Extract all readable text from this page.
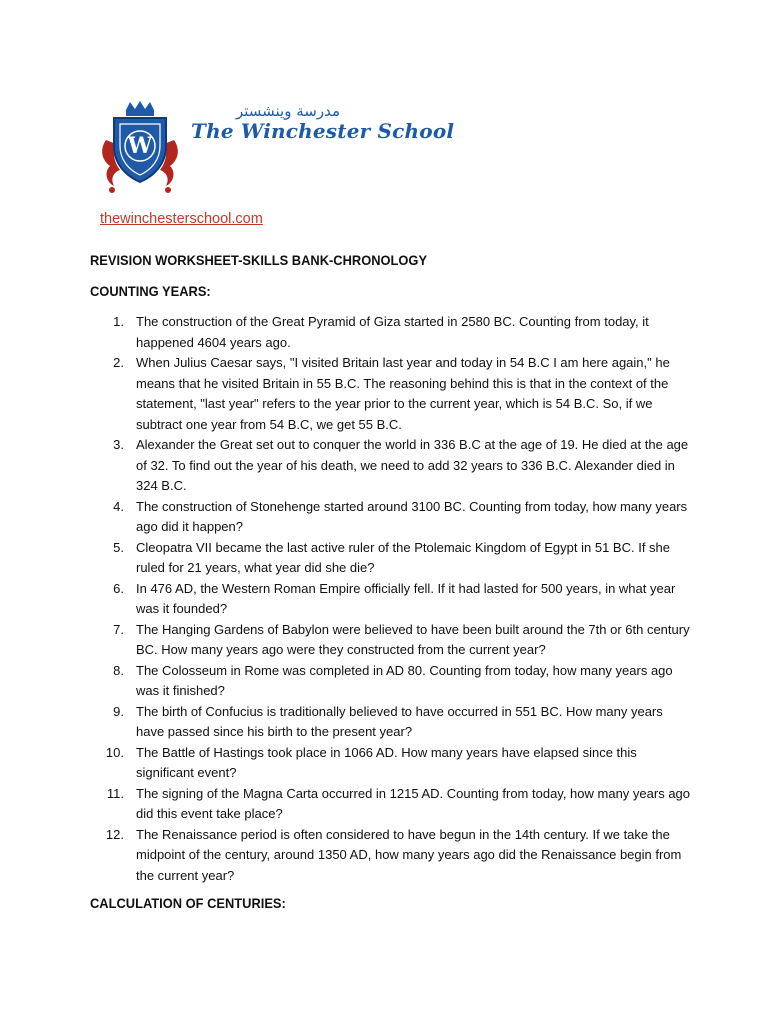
W
مدرسة وينشستر
The Winchester School
thewinchesterschool.com
REVISION WORKSHEET-SKILLS BANK-CHRONOLOGY
COUNTING YEARS:
1. The construction of the Great Pyramid of Giza started in 2580 BC. Counting from today, it happened 4604 years ago.
2. When Julius Caesar says, "I visited Britain last year and today in 54 B.C I am here again," he means that he visited Britain in 55 B.C. The reasoning behind this is that in the context of the statement, "last year" refers to the year prior to the current year, which is 54 B.C. So, if we subtract one year from 54 B.C, we get 55 B.C.
3. Alexander the Great set out to conquer the world in 336 B.C at the age of 19. He died at the age of 32. To find out the year of his death, we need to add 32 years to 336 B.C. Alexander died in 324 B.C.
4. The construction of Stonehenge started around 3100 BC. Counting from today, how many years ago did it happen?
5. Cleopatra VII became the last active ruler of the Ptolemaic Kingdom of Egypt in 51 BC. If she ruled for 21 years, what year did she die?
6. In 476 AD, the Western Roman Empire officially fell. If it had lasted for 500 years, in what year was it founded?
7. The Hanging Gardens of Babylon were believed to have been built around the 7th or 6th century BC. How many years ago were they constructed from the current year?
8. The Colosseum in Rome was completed in AD 80. Counting from today, how many years ago was it finished?
9. The birth of Confucius is traditionally believed to have occurred in 551 BC. How many years have passed since his birth to the present year?
10. The Battle of Hastings took place in 1066 AD. How many years have elapsed since this significant event?
11. The signing of the Magna Carta occurred in 1215 AD. Counting from today, how many years ago did this event take place?
12. The Renaissance period is often considered to have begun in the 14th century. If we take the midpoint of the century, around 1350 AD, how many years ago did the Renaissance begin from the current year?
CALCULATION OF CENTURIES:
